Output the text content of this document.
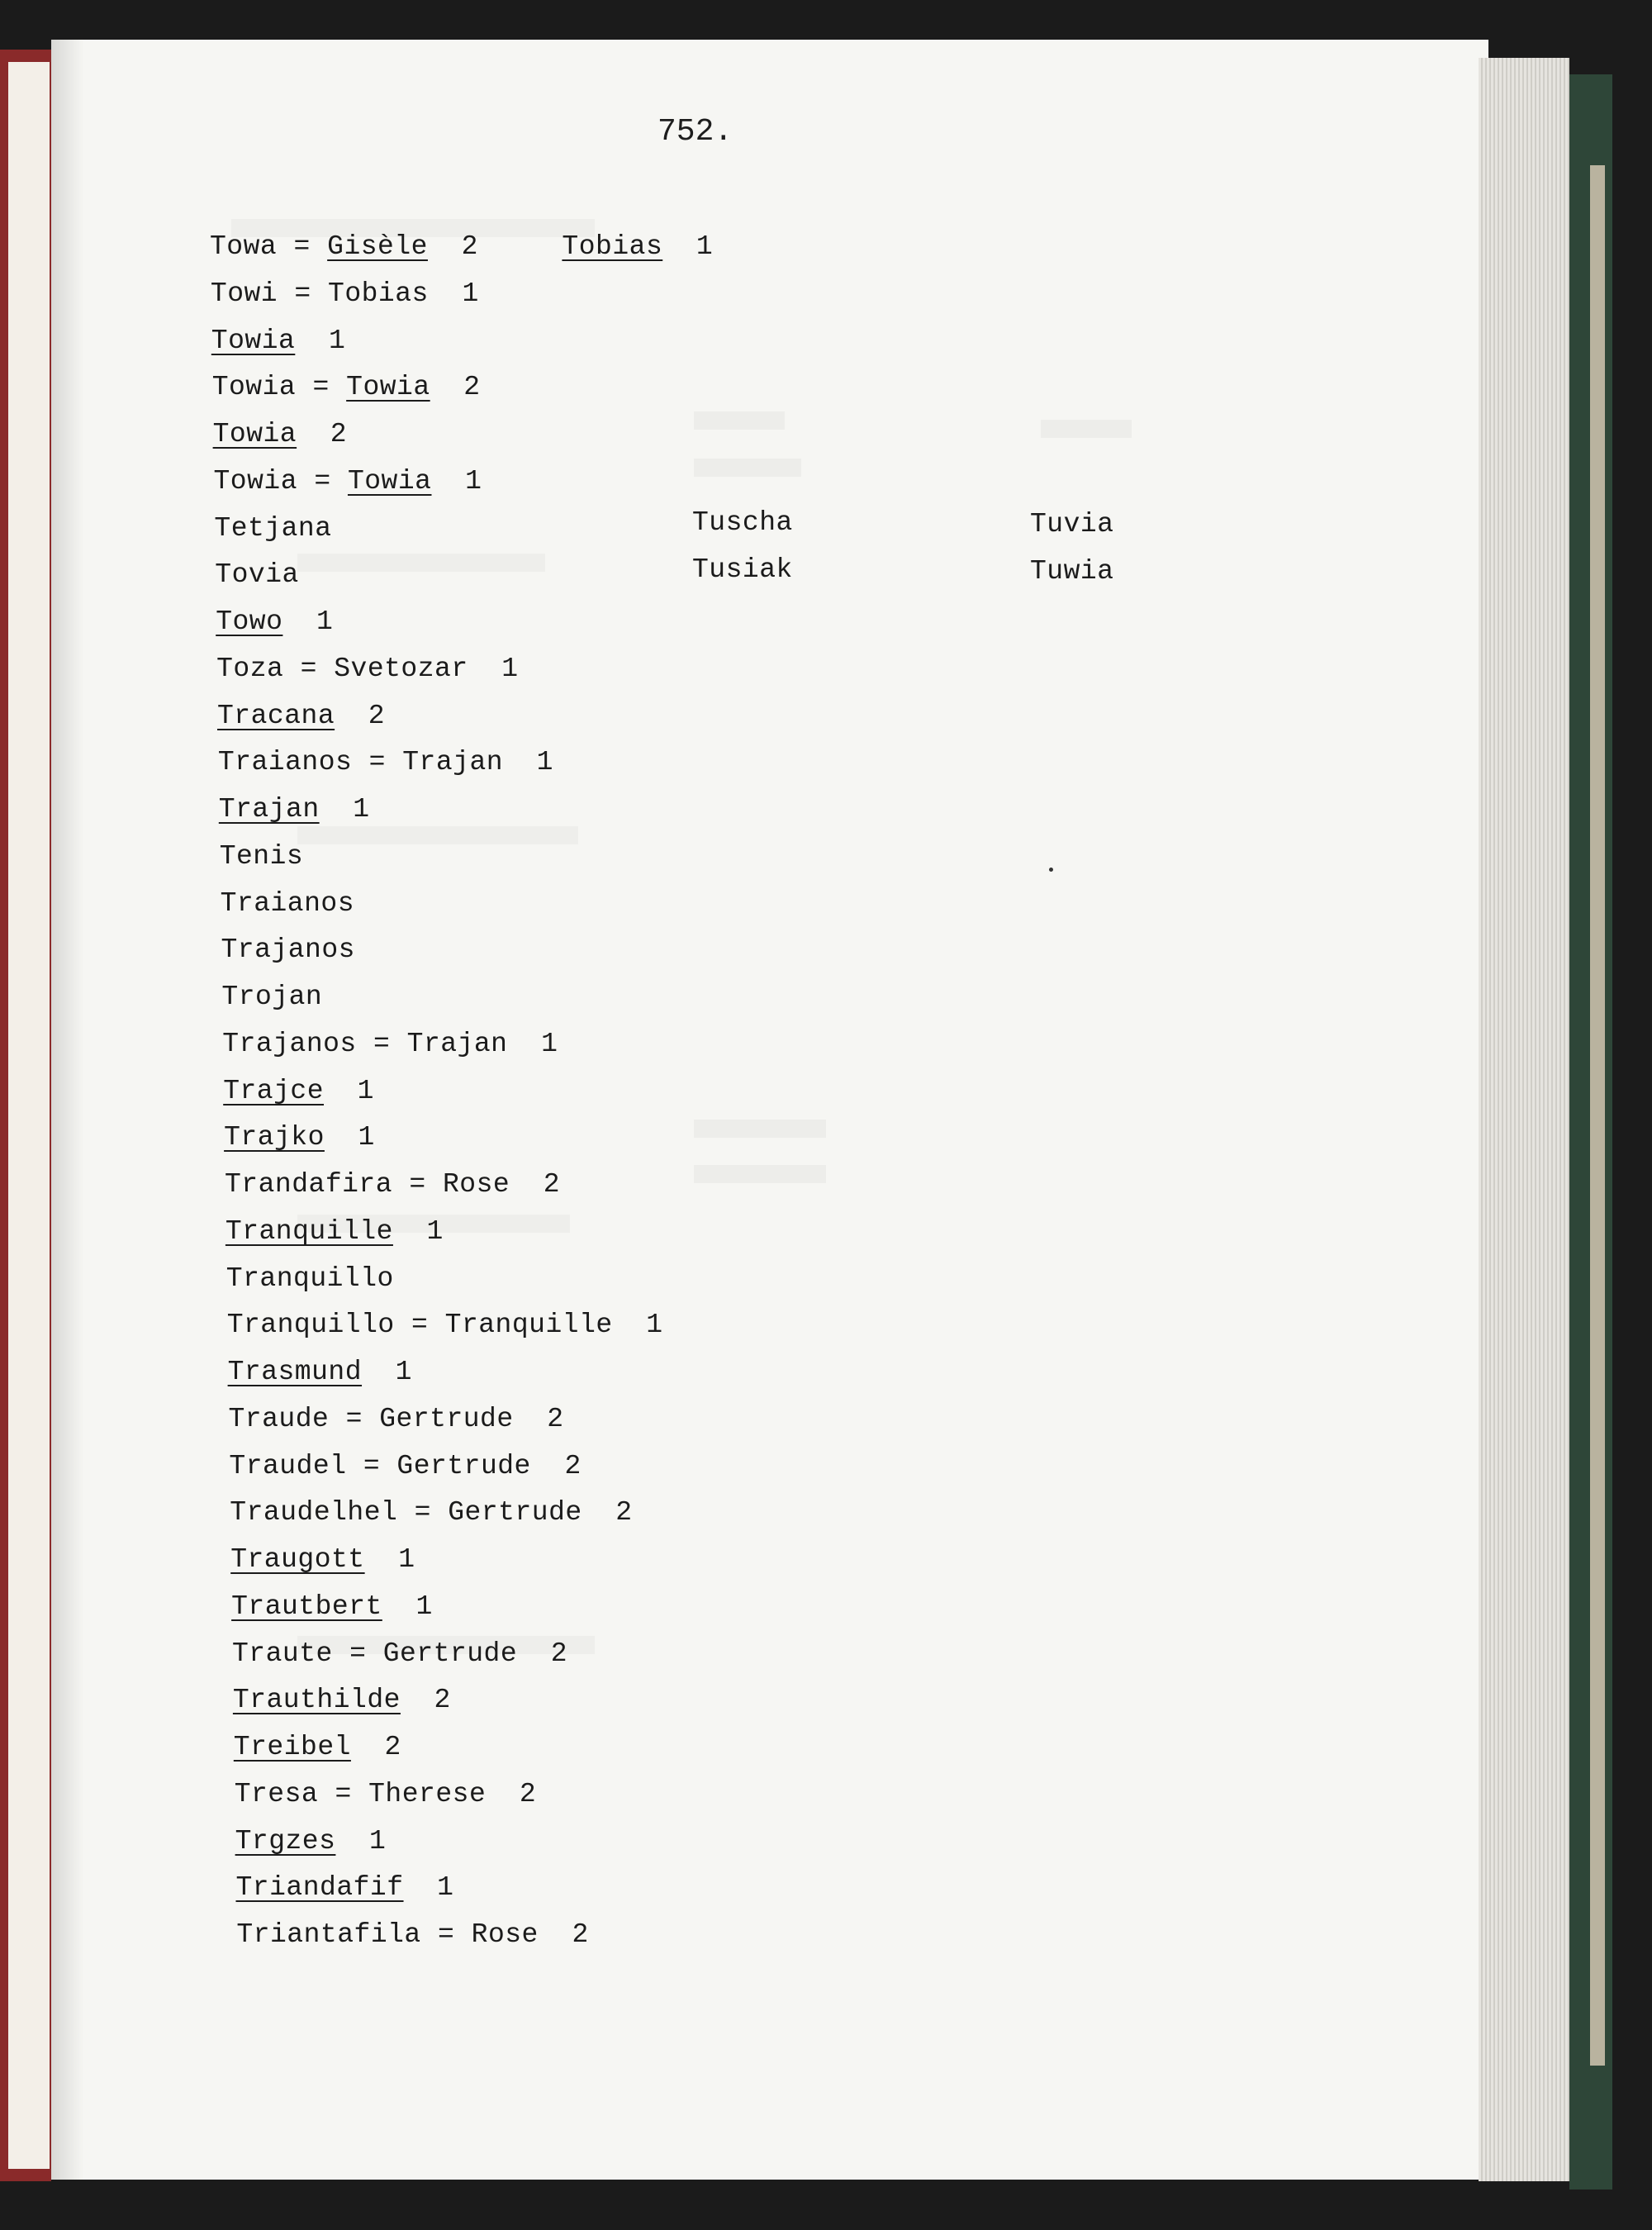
752.
Towa = Gisèle 2	Tobias 1
Towi = Tobias 1
Towia 1
Towia = Towia 2
Towia 2
Towia = Towia 1
Tetjana
Tovia
Towo 1
Toza = Svetozar 1
Tracana 2
Traianos = Trajan 1
Trajan 1
Tenis
Traianos
Trajanos
Trojan
Trajanos = Trajan 1
Trajce 1
Trajko 1
Trandafira = Rose 2
Tranquille 1
Tranquillo
Tranquillo = Tranquille 1
Trasmund 1
Traude = Gertrude 2
Traudel = Gertrude 2
Traudelhel = Gertrude 2
Traugott 1
Trautbert 1
Traute = Gertrude 2
Trauthilde 2
Treibel 2
Tresa = Therese 2
Trgzes 1
Triandafif 1
Triantafila = Rose 2
Tuscha
Tusiak
Tuvia
Tuwia
